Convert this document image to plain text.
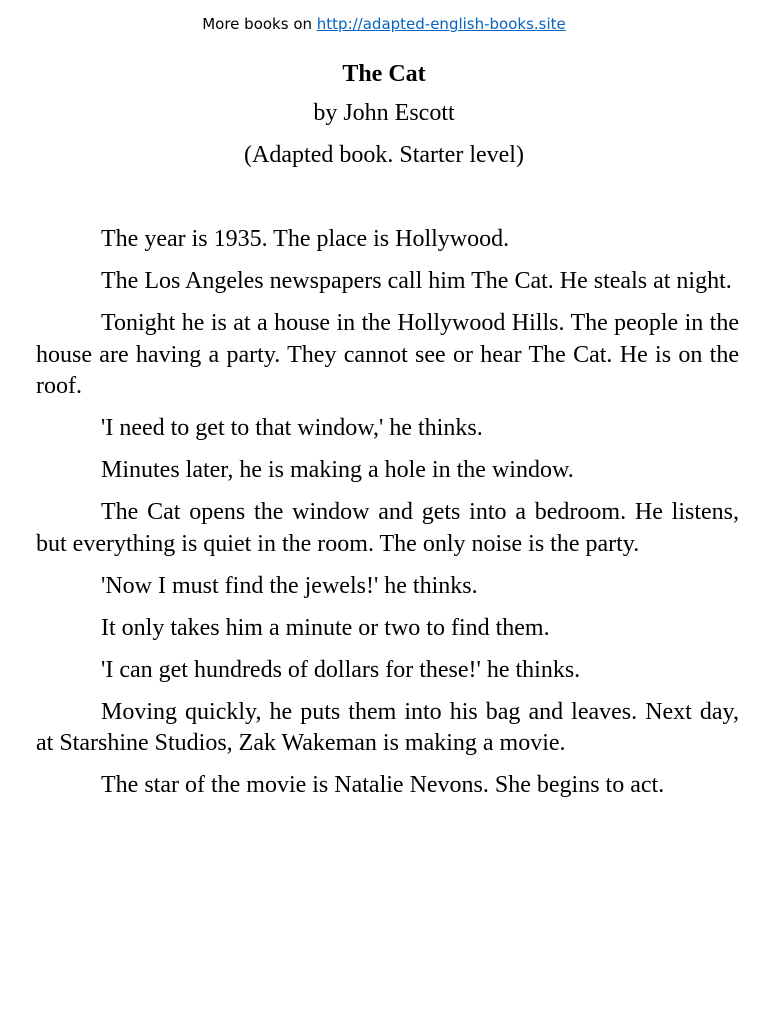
More books on http://adapted-english-books.site

The Cat

by John Escott

(Adapted book. Starter level)

The year is 1935. The place is Hollywood.

The Los Angeles newspapers call him The Cat. He steals at night.

Tonight he is at a house in the Hollywood Hills. The people in the house are having a party. They cannot see or hear The Cat. He is on the roof.

'I need to get to that window,' he thinks.

Minutes later, he is making a hole in the window.

The Cat opens the window and gets into a bedroom. He listens, but everything is quiet in the room. The only noise is the party.

'Now I must find the jewels!' he thinks.

It only takes him a minute or two to find them.

'I can get hundreds of dollars for these!' he thinks.

Moving quickly, he puts them into his bag and leaves. Next day, at Starshine Studios, Zak Wakeman is making a movie.

The star of the movie is Natalie Nevons. She begins to act.
